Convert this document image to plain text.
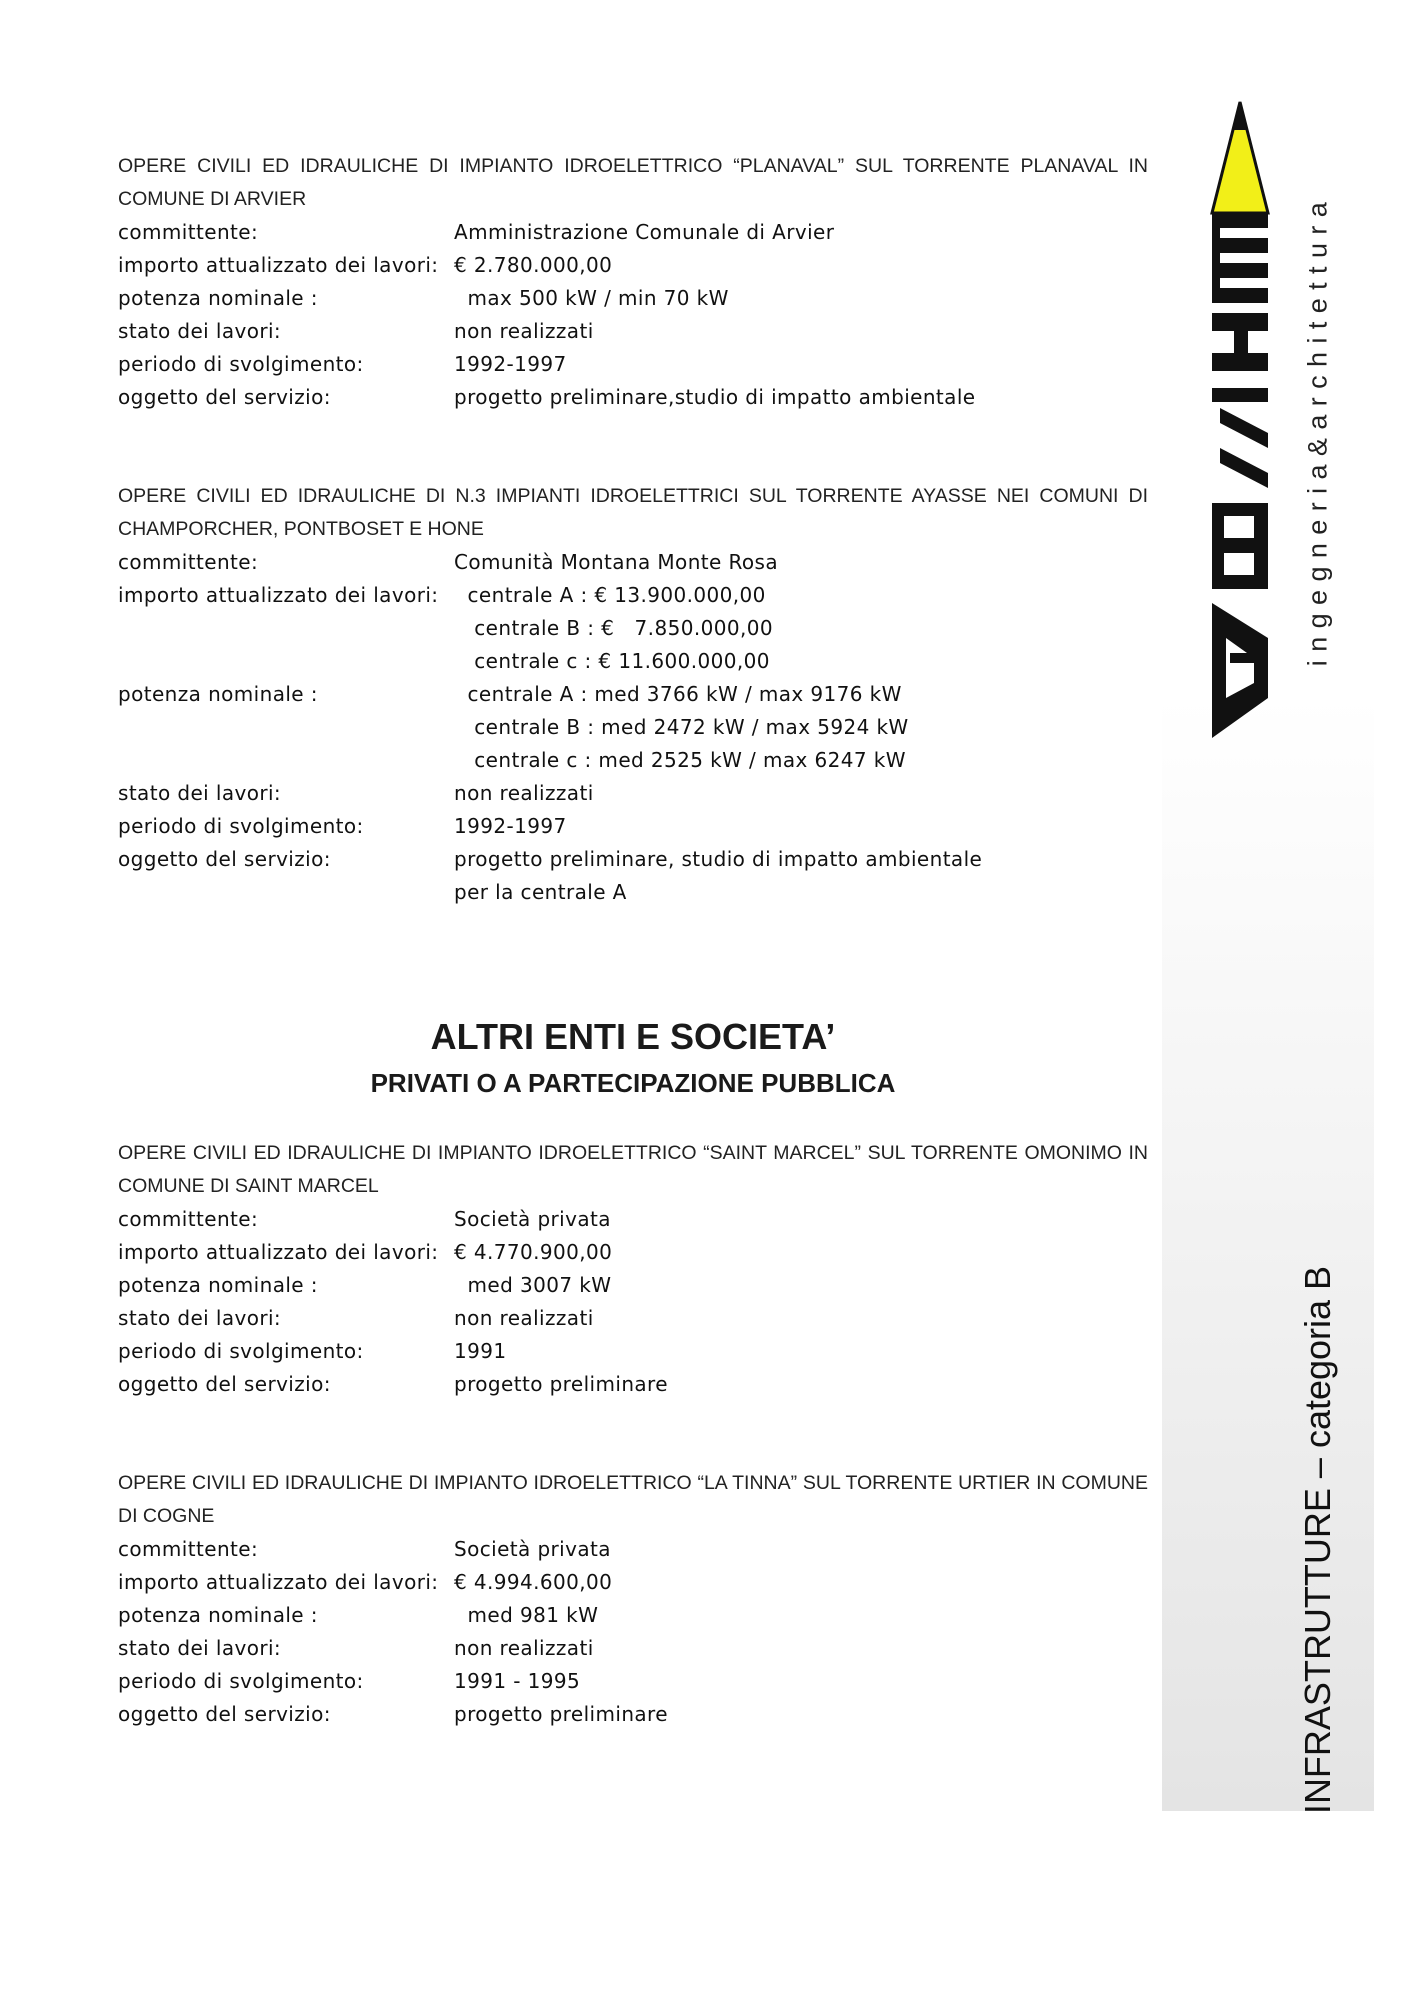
ingegneria&architettura
INFRASTRUTTURE – categoria B

OPERE CIVILI ED IDRAULICHE DI IMPIANTO IDROELETTRICO “PLANAVAL” SUL TORRENTE PLANAVAL IN COMUNE DI ARVIER

committente:	Amministrazione Comunale di Arvier
importo attualizzato dei lavori: € 2.780.000,00
potenza nominale :	max 500 kW / min 70 kW
stato dei lavori:	non realizzati
periodo di svolgimento:	1992-1997
oggetto del servizio:	progetto preliminare,studio di impatto ambientale

OPERE CIVILI ED IDRAULICHE DI N.3 IMPIANTI IDROELETTRICI SUL TORRENTE AYASSE NEI COMUNI DI CHAMPORCHER, PONTBOSET E HONE

committente:	Comunità Montana Monte Rosa
importo attualizzato dei lavori: centrale A : € 13.900.000,00
centrale B : €   7.850.000,00
centrale c : € 11.600.000,00
potenza nominale :	centrale A : med 3766 kW / max 9176 kW
centrale B : med 2472 kW / max 5924 kW
centrale c : med 2525 kW / max 6247 kW
stato dei lavori:	non realizzati
periodo di svolgimento:	1992-1997
oggetto del servizio:	progetto preliminare, studio di impatto ambientale
per la centrale A
ALTRI ENTI E SOCIETA’
PRIVATI O A PARTECIPAZIONE PUBBLICA

OPERE CIVILI ED IDRAULICHE DI IMPIANTO IDROELETTRICO “SAINT MARCEL” SUL TORRENTE OMONIMO IN COMUNE DI SAINT MARCEL

committente:	Società privata
importo attualizzato dei lavori: € 4.770.900,00
potenza nominale :	med 3007 kW
stato dei lavori:	non realizzati
periodo di svolgimento:	1991
oggetto del servizio:	progetto preliminare

OPERE CIVILI ED IDRAULICHE DI IMPIANTO IDROELETTRICO “LA TINNA” SUL TORRENTE URTIER IN COMUNE DI COGNE

committente:	Società privata
importo attualizzato dei lavori: € 4.994.600,00
potenza nominale :	med 981 kW
stato dei lavori:	non realizzati
periodo di svolgimento:	1991 - 1995
oggetto del servizio:	progetto preliminare
